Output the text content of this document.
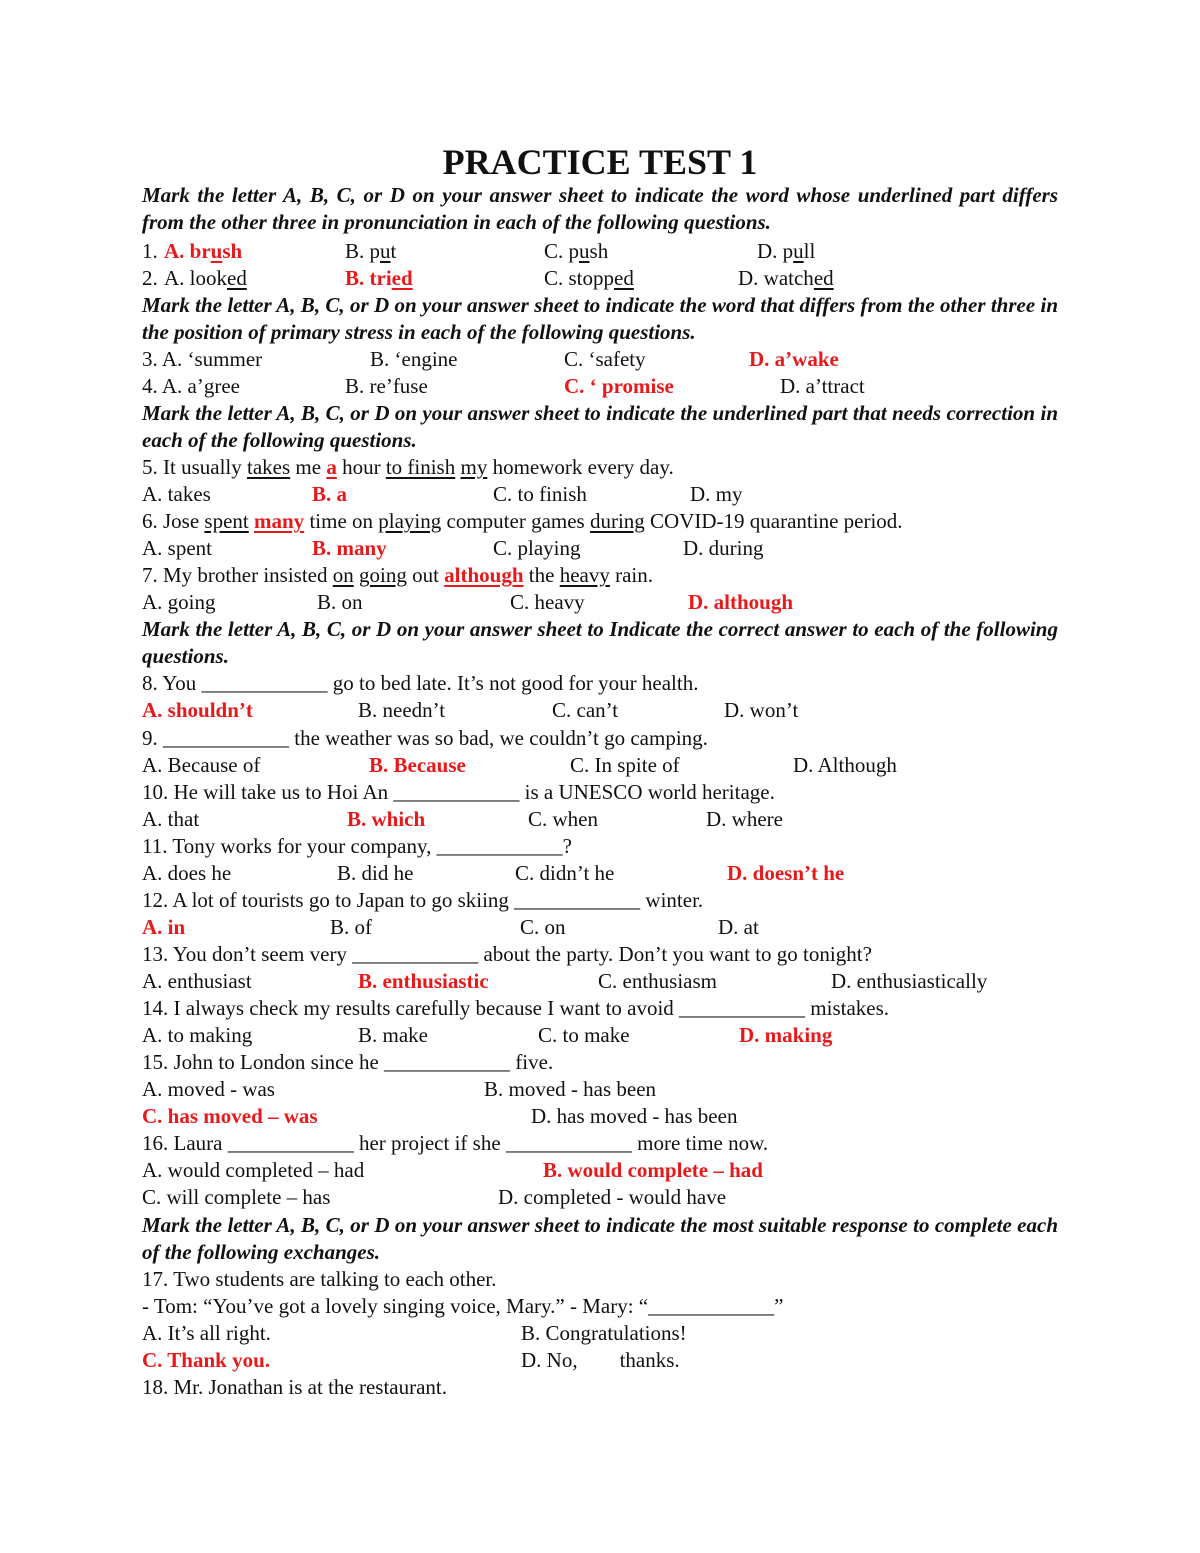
PRACTICE TEST 1
Mark the letter A, B, C, or D on your answer sheet to indicate the word whose underlined part differs from the other three in pronunciation in each of the following questions.
1. A. brush	B. put	C. push	D. pull
2. A. looked	B. tried	C. stopped	D. watched
Mark the letter A, B, C, or D on your answer sheet to indicate the word that differs from the other three in the position of primary stress in each of the following questions.
3. A. ‘summer	B. ‘engine	C. ‘safety	D. a’wake
4. A. a’gree	B. re’fuse	C. ‘ promise	D. a’ttract
Mark the letter A, B, C, or D on your answer sheet to indicate the underlined part that needs correction in each of the following questions.
5. It usually takes me a hour to finish my homework every day.
A. takes	B. a	C. to finish	D. my
6. Jose spent many time on playing computer games during COVID-19 quarantine period.
A. spent	B. many	C. playing	D. during
7. My brother insisted on going out although the heavy rain.
A. going	B. on	C. heavy	D. although
Mark the letter A, B, C, or D on your answer sheet to Indicate the correct answer to each of the following questions.
8. You ____________ go to bed late. It’s not good for your health.
A. shouldn’t	B. needn’t	C. can’t	D. won’t
9. ____________ the weather was so bad, we couldn’t go camping.
A. Because of	B. Because	C. In spite of	D. Although
10. He will take us to Hoi An ____________ is a UNESCO world heritage.
A. that	B. which	C. when	D. where
11. Tony works for your company, ____________?
A. does he	B. did he	C. didn’t he	D. doesn’t he
12. A lot of tourists go to Japan to go skiing ____________ winter.
A. in	B. of	C. on	D. at
13. You don’t seem very ____________ about the party. Don’t you want to go tonight?
A. enthusiast	B. enthusiastic	C. enthusiasm	D. enthusiastically
14. I always check my results carefully because I want to avoid ____________ mistakes.
A. to making	B. make	C. to make	D. making
15. John to London since he ____________ five.
A. moved - was	B. moved - has been
C. has moved – was	D. has moved - has been
16. Laura ____________ her project if she ____________ more time now.
A. would completed – had	B. would complete – had
C. will complete – has	D. completed - would have
Mark the letter A, B, C, or D on your answer sheet to indicate the most suitable response to complete each of the following exchanges.
17. Two students are talking to each other.
- Tom: “You’ve got a lovely singing voice, Mary.” - Mary: “____________”
A. It’s all right.	B. Congratulations!
C. Thank you.	D. No,        thanks.
18. Mr. Jonathan is at the restaurant.
